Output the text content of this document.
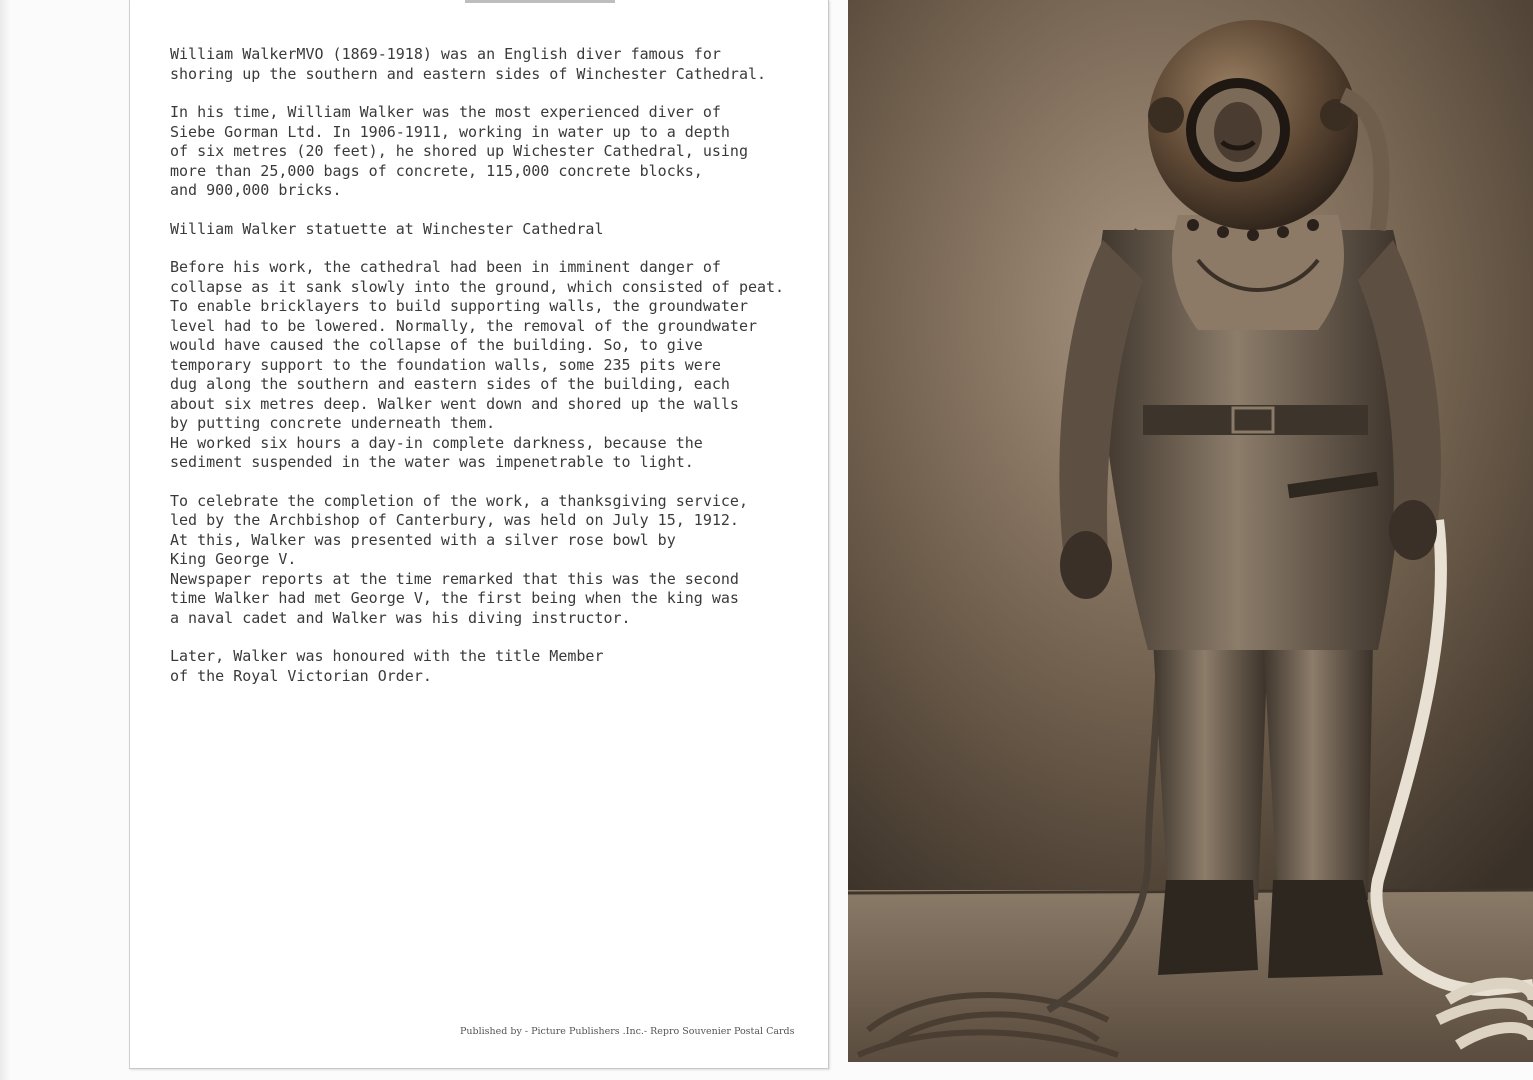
William WalkerMVO (1869-1918) was an English diver famous for
shoring up the southern and eastern sides of Winchester Cathedral.

In his time, William Walker was the most experienced diver of
Siebe Gorman Ltd. In 1906-1911, working in water up to a depth
of six metres (20 feet), he shored up Wichester Cathedral, using
more than 25,000 bags of concrete, 115,000 concrete blocks,
and 900,000 bricks.

William Walker statuette at Winchester Cathedral

Before his work, the cathedral had been in imminent danger of
collapse as it sank slowly into the ground, which consisted of peat.
To enable bricklayers to build supporting walls, the groundwater
level had to be lowered. Normally, the removal of the groundwater
would have caused the collapse of the building. So, to give
temporary support to the foundation walls, some 235 pits were
dug along the southern and eastern sides of the building, each
about six metres deep. Walker went down and shored up the walls
by putting concrete underneath them.
He worked six hours a day-in complete darkness, because the
sediment suspended in the water was impenetrable to light.

To celebrate the completion of the work, a thanksgiving service,
led by the Archbishop of Canterbury, was held on July 15, 1912.
At this, Walker was presented with a silver rose bowl by
King George V.
Newspaper reports at the time remarked that this was the second
time Walker had met George V, the first being when the king was
a naval cadet and Walker was his diving instructor.

Later, Walker was honoured with the title Member
of the Royal Victorian Order.

Published by - Picture Publishers .Inc.- Repro Souvenier Postal Cards
